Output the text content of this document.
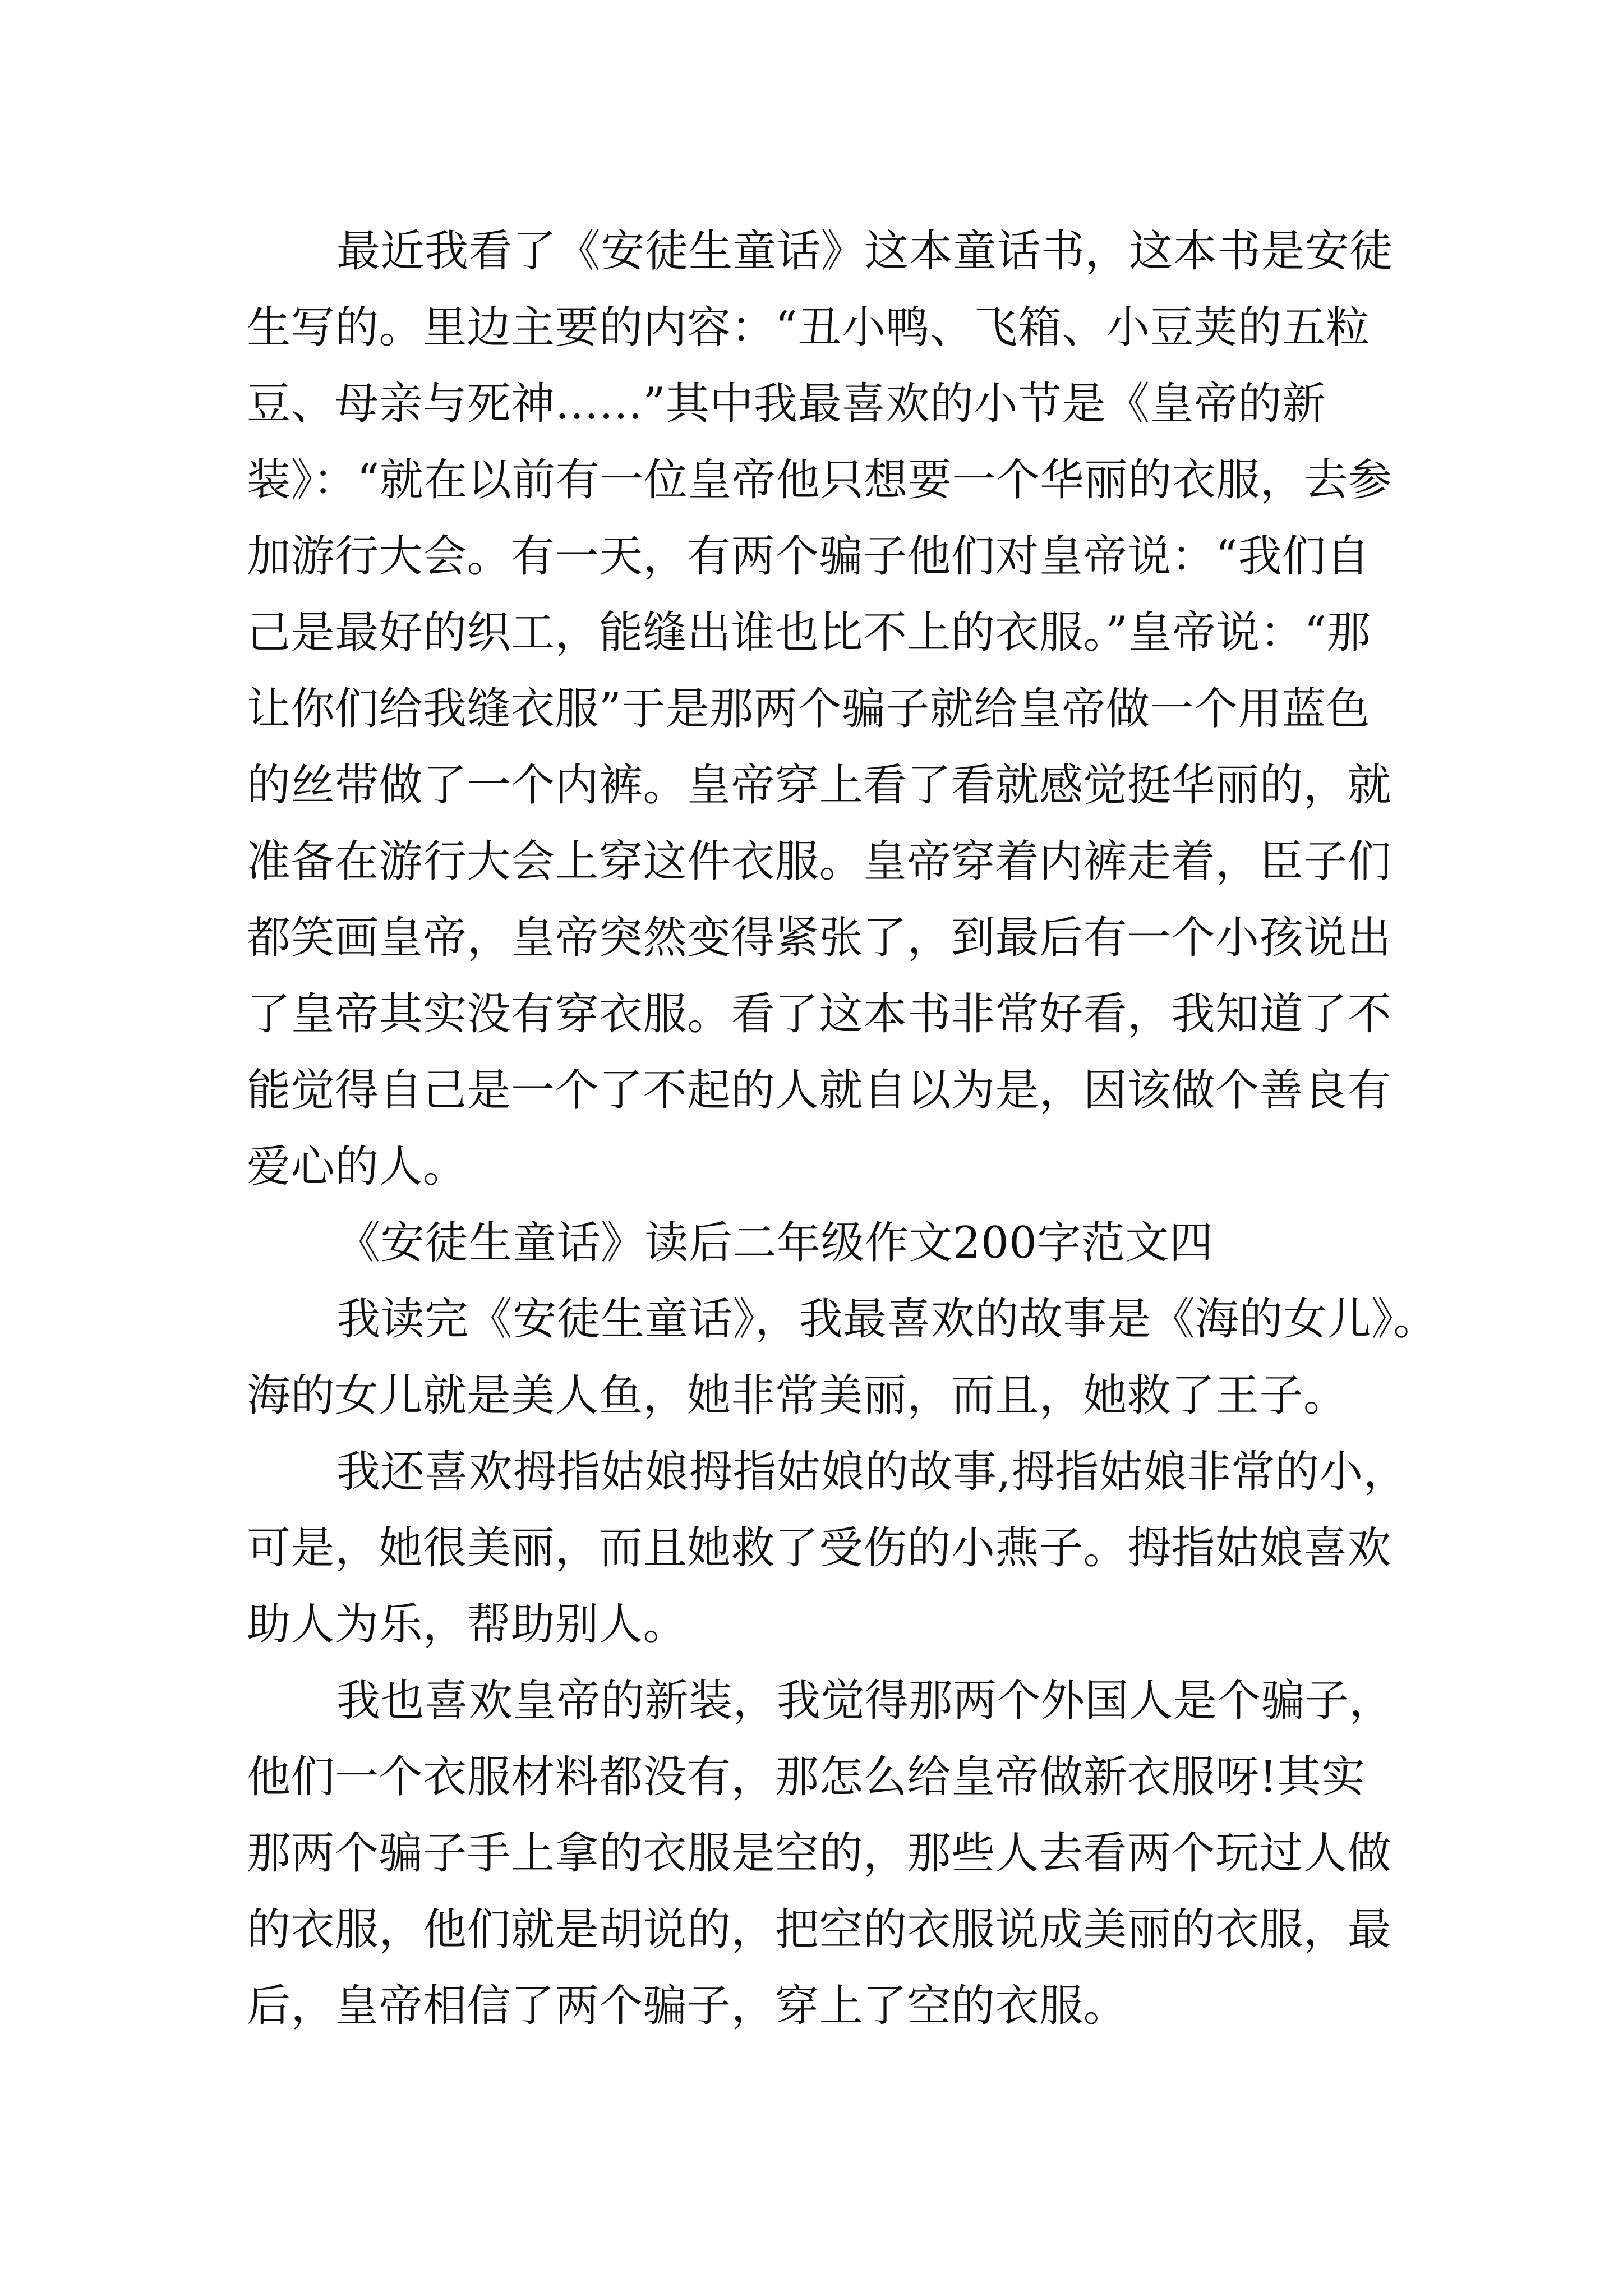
最近我看了《安徒生童话》这本童话书，这本书是安徒
生写的。里边主要的内容：“丑小鸭、飞箱、小豆荚的五粒
豆、母亲与死神……”其中我最喜欢的小节是《皇帝的新
装》：“就在以前有一位皇帝他只想要一个华丽的衣服，去参
加游行大会。有一天，有两个骗子他们对皇帝说：“我们自
己是最好的织工，能缝出谁也比不上的衣服。”皇帝说：“那
让你们给我缝衣服”于是那两个骗子就给皇帝做一个用蓝色
的丝带做了一个内裤。皇帝穿上看了看就感觉挺华丽的，就
准备在游行大会上穿这件衣服。皇帝穿着内裤走着，臣子们
都笑画皇帝，皇帝突然变得紧张了，到最后有一个小孩说出
了皇帝其实没有穿衣服。看了这本书非常好看，我知道了不
能觉得自己是一个了不起的人就自以为是，因该做个善良有
爱心的人。
《安徒生童话》读后二年级作文200字范文四
我读完《安徒生童话》，我最喜欢的故事是《海的女儿》。
海的女儿就是美人鱼，她非常美丽，而且，她救了王子。
我还喜欢拇指姑娘拇指姑娘的故事,拇指姑娘非常的小，
可是，她很美丽，而且她救了受伤的小燕子。拇指姑娘喜欢
助人为乐，帮助别人。
我也喜欢皇帝的新装，我觉得那两个外国人是个骗子，
他们一个衣服材料都没有，那怎么给皇帝做新衣服呀!其实
那两个骗子手上拿的衣服是空的，那些人去看两个玩过人做
的衣服，他们就是胡说的，把空的衣服说成美丽的衣服，最
后，皇帝相信了两个骗子，穿上了空的衣服。
